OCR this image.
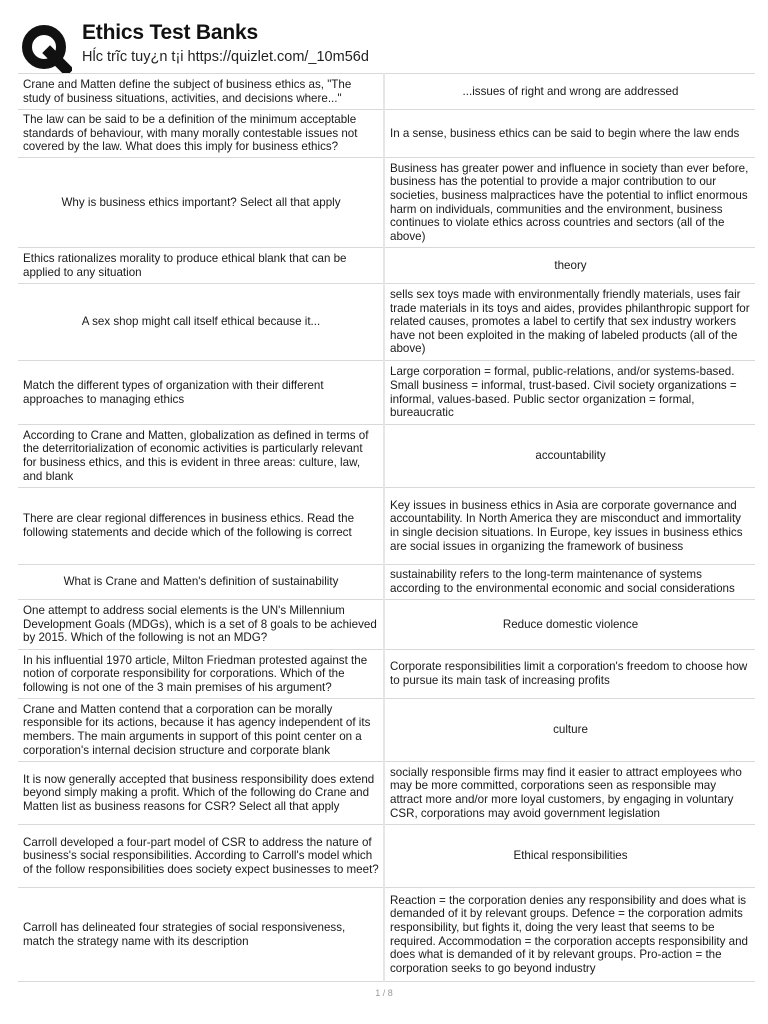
Ethics Test Banks
Hĺc trĩc tuy¿n t¡i https://quizlet.com/_10m56d
Crane and Matten define the subject of business ethics as, "The study of business situations, activities, and decisions where..."	...issues of right and wrong are addressed
The law can be said to be a definition of the minimum acceptable standards of behaviour, with many morally contestable issues not covered by the law. What does this imply for business ethics?	In a sense, business ethics can be said to begin where the law ends
Why is business ethics important? Select all that apply	Business has greater power and influence in society than ever before, business has the potential to provide a major contribution to our societies, business malpractices have the potential to inflict enormous harm on individuals, communities and the environment, business continues to violate ethics across countries and sectors (all of the above)
Ethics rationalizes morality to produce ethical blank that can be applied to any situation	theory
A sex shop might call itself ethical because it...	sells sex toys made with environmentally friendly materials, uses fair trade materials in its toys and aides, provides philanthropic support for related causes, promotes a label to certify that sex industry workers have not been exploited in the making of labeled products (all of the above)
Match the different types of organization with their different approaches to managing ethics	Large corporation = formal, public-relations, and/or systems-based. Small business = informal, trust-based. Civil society organizations = informal, values-based. Public sector organization = formal, bureaucratic
According to Crane and Matten, globalization as defined in terms of the deterritorialization of economic activities is particularly relevant for business ethics, and this is evident in three areas: culture, law, and blank	accountability
There are clear regional differences in business ethics. Read the following statements and decide which of the following is correct	Key issues in business ethics in Asia are corporate governance and accountability. In North America they are misconduct and immortality in single decision situations. In Europe, key issues in business ethics are social issues in organizing the framework of business
What is Crane and Matten's definition of sustainability	sustainability refers to the long-term maintenance of systems according to the environmental economic and social considerations
One attempt to address social elements is the UN's Millennium Development Goals (MDGs), which is a set of 8 goals to be achieved by 2015. Which of the following is not an MDG?	Reduce domestic violence
In his influential 1970 article, Milton Friedman protested against the notion of corporate responsibility for corporations. Which of the following is not one of the 3 main premises of his argument?	Corporate responsibilities limit a corporation's freedom to choose how to pursue its main task of increasing profits
Crane and Matten contend that a corporation can be morally responsible for its actions, because it has agency independent of its members. The main arguments in support of this point center on a corporation's internal decision structure and corporate blank	culture
It is now generally accepted that business responsibility does extend beyond simply making a profit. Which of the following do Crane and Matten list as business reasons for CSR? Select all that apply	socially responsible firms may find it easier to attract employees who may be more committed, corporations seen as responsible may attract more and/or more loyal customers, by engaging in voluntary CSR, corporations may avoid government legislation
Carroll developed a four-part model of CSR to address the nature of business's social responsibilities. According to Carroll's model which of the follow responsibilities does society expect businesses to meet?	Ethical responsibilities
Carroll has delineated four strategies of social responsiveness, match the strategy name with its description	Reaction = the corporation denies any responsibility and does what is demanded of it by relevant groups. Defence = the corporation admits responsibility, but fights it, doing the very least that seems to be required. Accommodation = the corporation accepts responsibility and does what is demanded of it by relevant groups. Pro-action = the corporation seeks to go beyond industry
1 / 8
